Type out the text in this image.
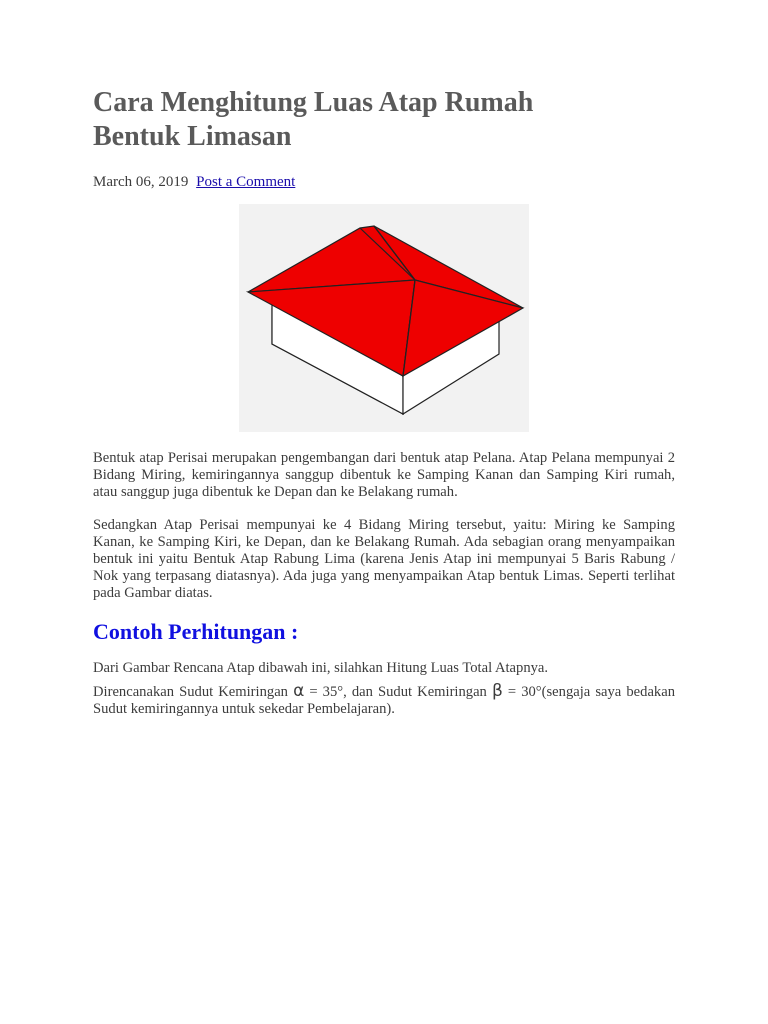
Cara Menghitung Luas Atap Rumah
Bentuk Limasan
March 06, 2019 Post a Comment

Bentuk atap Perisai merupakan pengembangan dari bentuk atap Pelana. Atap Pelana mempunyai 2 Bidang Miring, kemiringannya sanggup dibentuk ke Samping Kanan dan Samping Kiri rumah, atau sanggup juga dibentuk ke Depan dan ke Belakang rumah.

Sedangkan Atap Perisai mempunyai ke 4 Bidang Miring tersebut, yaitu: Miring ke Samping Kanan, ke Samping Kiri, ke Depan, dan ke Belakang Rumah. Ada sebagian orang menyampaikan bentuk ini yaitu Bentuk Atap Rabung Lima (karena Jenis Atap ini mempunyai 5 Baris Rabung / Nok yang terpasang diatasnya). Ada juga yang menyampaikan Atap bentuk Limas. Seperti terlihat pada Gambar diatas.

Contoh Perhitungan :

Dari Gambar Rencana Atap dibawah ini, silahkan Hitung Luas Total Atapnya.

Direncanakan Sudut Kemiringan α = 35°, dan Sudut Kemiringan β = 30°(sengaja saya bedakan Sudut kemiringannya untuk sekedar Pembelajaran).
